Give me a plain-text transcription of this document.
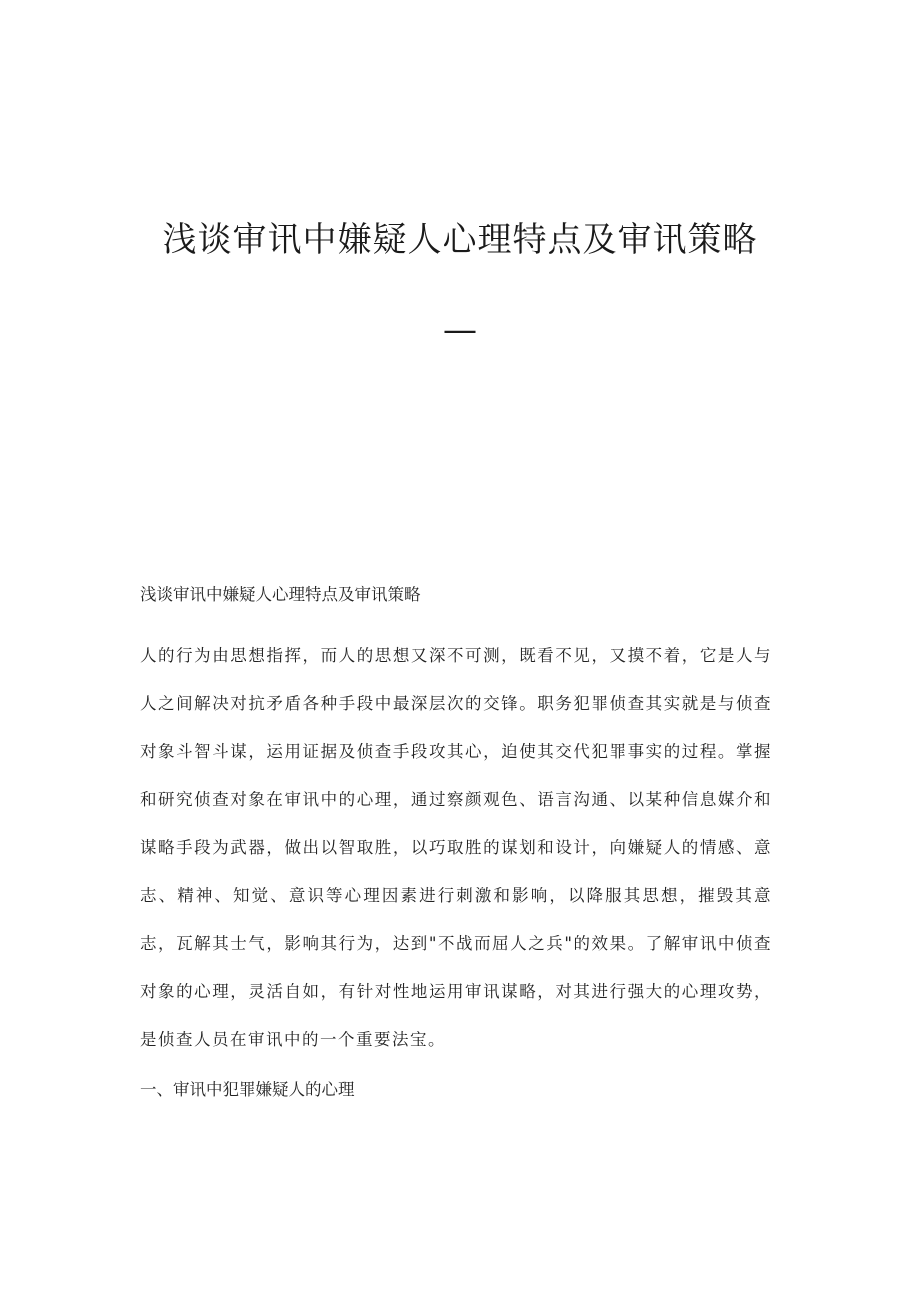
浅谈审讯中嫌疑人心理特点及审讯策略
—

浅谈审讯中嫌疑人心理特点及审讯策略

人的行为由思想指挥，而人的思想又深不可测，既看不见，又摸不着，它是人与人之间解决对抗矛盾各种手段中最深层次的交锋。职务犯罪侦查其实就是与侦查对象斗智斗谋，运用证据及侦查手段攻其心，迫使其交代犯罪事实的过程。掌握和研究侦查对象在审讯中的心理，通过察颜观色、语言沟通、以某种信息媒介和谋略手段为武器，做出以智取胜，以巧取胜的谋划和设计，向嫌疑人的情感、意志、精神、知觉、意识等心理因素进行刺激和影响，以降服其思想，摧毁其意志，瓦解其士气，影响其行为，达到"不战而屈人之兵"的效果。了解审讯中侦查对象的心理，灵活自如，有针对性地运用审讯谋略，对其进行强大的心理攻势，是侦查人员在审讯中的一个重要法宝。

一、审讯中犯罪嫌疑人的心理
